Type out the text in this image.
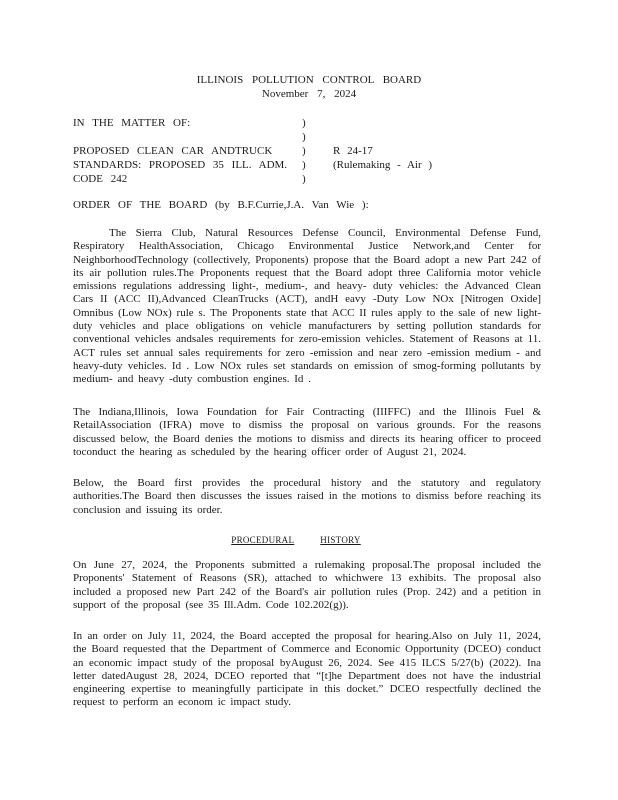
ILLINOIS POLLUTION CONTROL BOARD
November 7, 2024
IN THE MATTER OF:	)
)
)
)
)
PROPOSED CLEAN CAR ANDTRUCK
STANDARDS: PROPOSED 35 ILL. ADM.
CODE 242
R 24-17
(Rulemaking - Air )
ORDER OF THE BOARD (by B.F.Currie,J.A. Van Wie ):
The Sierra Club, Natural Resources Defense Council, Environmental Defense Fund, Respiratory HealthAssociation, Chicago Environmental Justice Network,and Center for NeighborhoodTechnology (collectively, Proponents) propose that the Board adopt a new Part 242 of its air pollution rules.The Proponents request that the Board adopt three California motor vehicle emissions regulations addressing light-, medium-, and heavy- duty vehicles: the Advanced Clean Cars II (ACC II),Advanced CleanTrucks (ACT), andH eavy -Duty Low NOx [Nitrogen Oxide] Omnibus (Low NOx) rule s. The Proponents state that ACC II rules apply to the sale of new light-duty vehicles and place obligations on vehicle manufacturers by setting pollution standards for conventional vehicles andsales requirements for zero-emission vehicles. Statement of Reasons at 11. ACT rules set annual sales requirements for zero -emission and near zero -emission medium - and heavy-duty vehicles. Id . Low NOx rules set standards on emission of smog-forming pollutants by medium- and heavy -duty combustion engines. Id .
The Indiana,Illinois, Iowa Foundation for Fair Contracting (IIIFFC) and the Illinois Fuel & RetailAssociation (IFRA) move to dismiss the proposal on various grounds. For the reasons discussed below, the Board denies the motions to dismiss and directs its hearing officer to proceed toconduct the hearing as scheduled by the hearing officer order of August 21, 2024.
Below, the Board first provides the procedural history and the statutory and regulatory authorities.The Board then discusses the issues raised in the motions to dismiss before reaching its conclusion and issuing its order.
PROCEDURAL	HISTORY
On June 27, 2024, the Proponents submitted a rulemaking proposal.The proposal included the Proponents' Statement of Reasons (SR), attached to whichwere 13 exhibits. The proposal also included a proposed new Part 242 of the Board's air pollution rules (Prop. 242) and a petition in support of the proposal (see 35 Ill.Adm. Code 102.202(g)).
In an order on July 11, 2024, the Board accepted the proposal for hearing.Also on July 11, 2024, the Board requested that the Department of Commerce and Economic Opportunity (DCEO) conduct an economic impact study of the proposal byAugust 26, 2024. See 415 ILCS 5/27(b) (2022). Ina letter datedAugust 28, 2024, DCEO reported that “[t]he Department does not have the industrial engineering expertise to meaningfully participate in this docket.” DCEO respectfully declined the request to perform an econom ic impact study.
